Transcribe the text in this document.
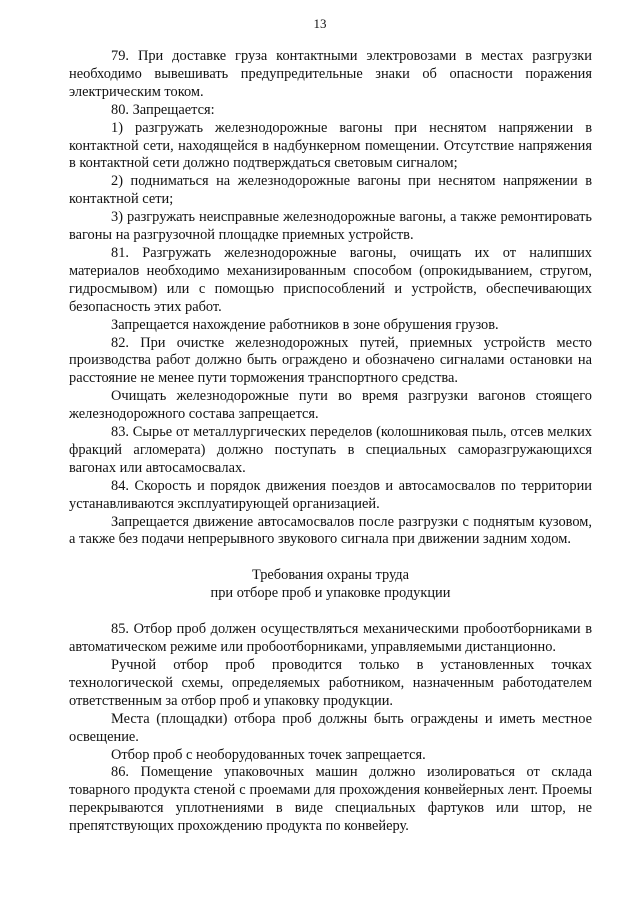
13

79. При доставке груза контактными электровозами в местах разгрузки необходимо вывешивать предупредительные знаки об опасности поражения электрическим током.

80. Запрещается:

1) разгружать железнодорожные вагоны при неснятом напряжении в контактной сети, находящейся в надбункерном помещении. Отсутствие напряжения в контактной сети должно подтверждаться световым сигналом;

2) подниматься на железнодорожные вагоны при неснятом напряжении в контактной сети;

3) разгружать неисправные железнодорожные вагоны, а также ремонтировать вагоны на разгрузочной площадке приемных устройств.

81. Разгружать железнодорожные вагоны, очищать их от налипших материалов необходимо механизированным способом (опрокидыванием, стругом, гидросмывом) или с помощью приспособлений и устройств, обеспечивающих безопасность этих работ.

Запрещается нахождение работников в зоне обрушения грузов.

82. При очистке железнодорожных путей, приемных устройств место производства работ должно быть ограждено и обозначено сигналами остановки на расстояние не менее пути торможения транспортного средства.

Очищать железнодорожные пути во время разгрузки вагонов стоящего железнодорожного состава запрещается.

83. Сырье от металлургических переделов (колошниковая пыль, отсев мелких фракций агломерата) должно поступать в специальных саморазгружающихся вагонах или автосамосвалах.

84. Скорость и порядок движения поездов и автосамосвалов по территории устанавливаются эксплуатирующей организацией.

Запрещается движение автосамосвалов после разгрузки с поднятым кузовом, а также без подачи непрерывного звукового сигнала при движении задним ходом.

Требования охраны труда
при отборе проб и упаковке продукции

85. Отбор проб должен осуществляться механическими пробоотборниками в автоматическом режиме или пробоотборниками, управляемыми дистанционно.

Ручной отбор проб проводится только в установленных точках технологической схемы, определяемых работником, назначенным работодателем ответственным за отбор проб и упаковку продукции.

Места (площадки) отбора проб должны быть ограждены и иметь местное освещение.

Отбор проб с необорудованных точек запрещается.

86. Помещение упаковочных машин должно изолироваться от склада товарного продукта стеной с проемами для прохождения конвейерных лент. Проемы перекрываются уплотнениями в виде специальных фартуков или штор, не препятствующих прохождению продукта по конвейеру.
